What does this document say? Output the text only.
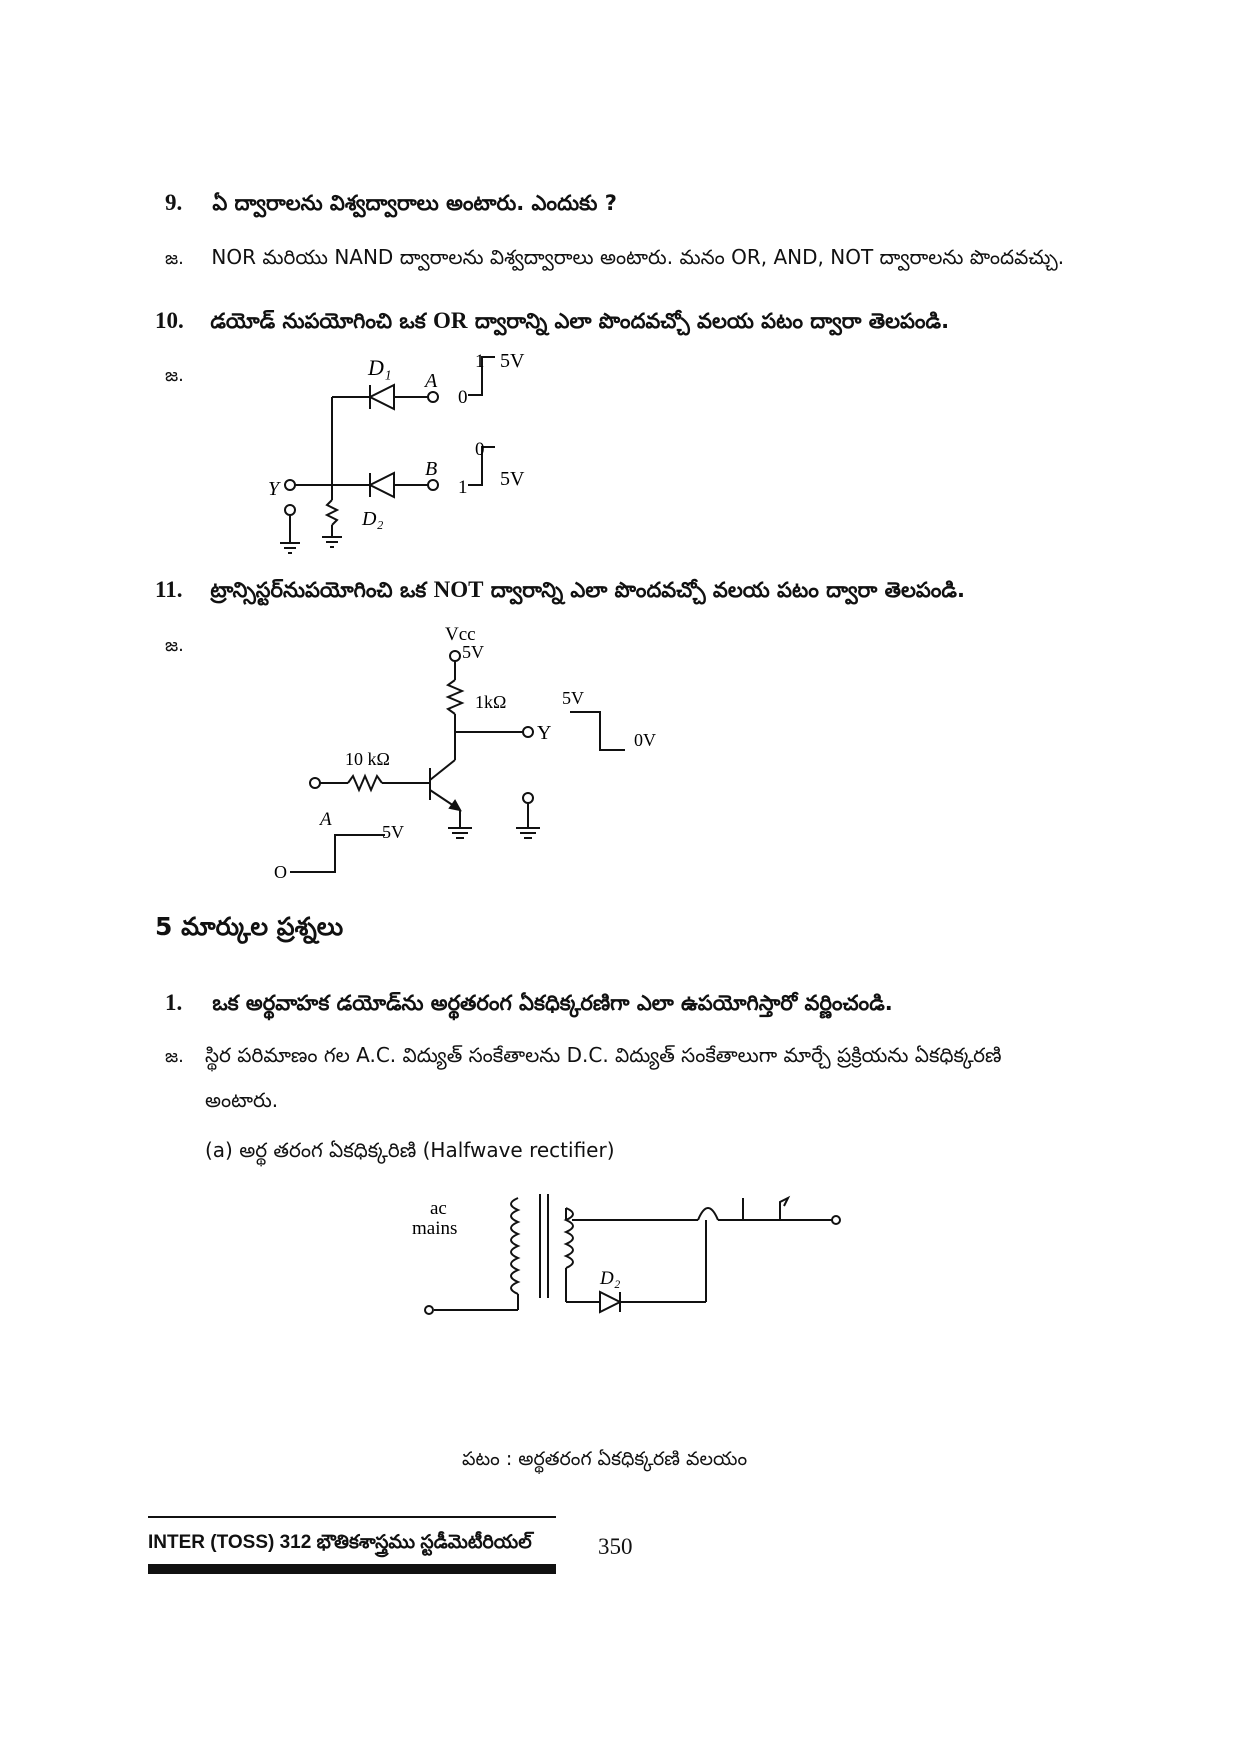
9. ఏ ద్వారాలను విశ్వద్వారాలు అంటారు. ఎందుకు ?
జ. NOR మరియు NAND ద్వారాలను విశ్వద్వారాలు అంటారు. మనం OR, AND, NOT ద్వారాలను పొందవచ్చు.
10. డయోడ్ నుపయోగించి ఒక OR ద్వారాన్ని ఎలా పొందవచ్చో వలయ పటం ద్వారా తెలపండి.
జ.	D₁
A
0
1 5V
B
0
1 5V
Y
D₂
11. ట్రాన్సిస్టర్‌నుపయోగించి ఒక NOT ద్వారాన్ని ఎలా పొందవచ్చో వలయ పటం ద్వారా తెలపండి.
జ.
Vcc
5V
1kΩ
10 kΩ
Y
A
5V
O
5V
0V
5 మార్కుల ప్రశ్నలు
1. ఒక అర్థవాహక డయోడ్‌ను అర్థతరంగ ఏకధిక్కరణిగా ఎలా ఉపయోగిస్తారో వర్ణించండి.
జ. స్థిర పరిమాణం గల A.C. విద్యుత్ సంకేతాలను D.C. విద్యుత్ సంకేతాలుగా మార్చే ప్రక్రియను ఏకధిక్కరణి
అంటారు.
(a) అర్థ తరంగ ఏకధిక్కరిణి (Halfwave rectifier)
ac
mains
D₂
పటం : అర్థతరంగ ఏకధిక్కరణి వలయం
INTER (TOSS) 312 భౌతికశాస్త్రము స్టడీమెటీరియల్	350
